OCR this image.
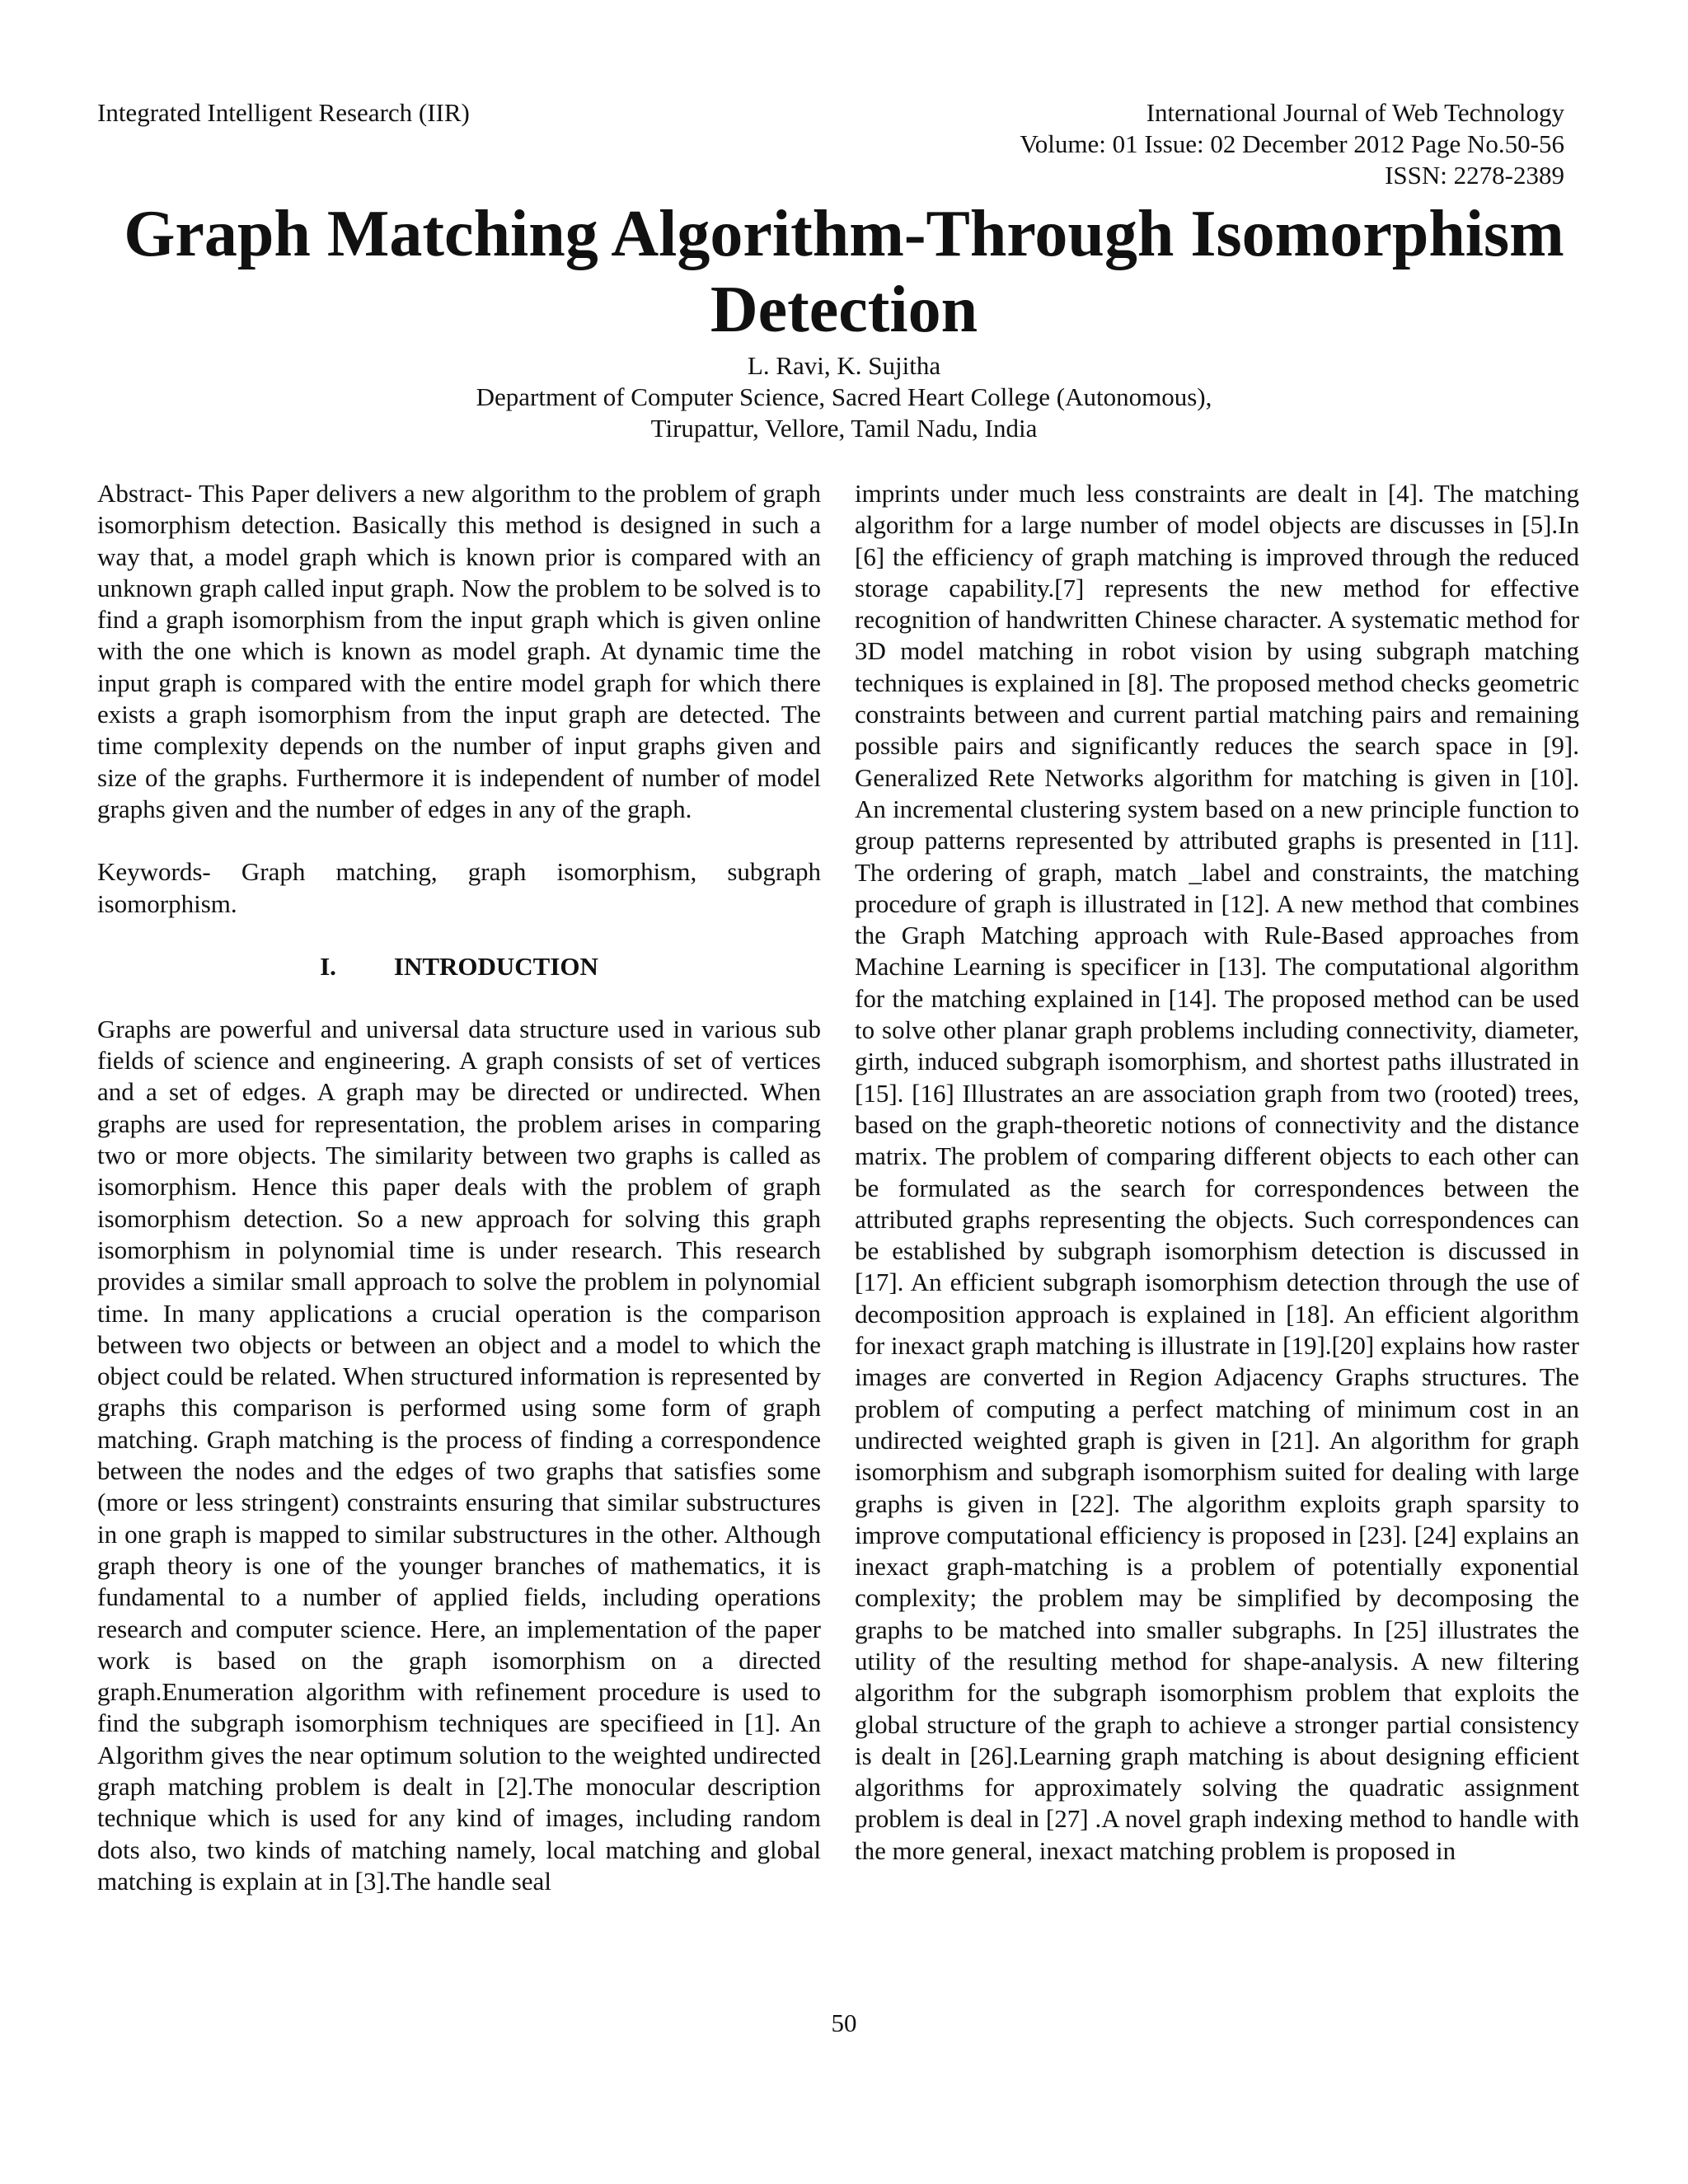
Integrated Intelligent Research (IIR)	International Journal of Web Technology
Volume: 01 Issue: 02 December 2012 Page No.50-56
ISSN: 2278-2389
Graph Matching Algorithm-Through Isomorphism
Detection
L. Ravi, K. Sujitha
Department of Computer Science, Sacred Heart College (Autonomous),
Tirupattur, Vellore, Tamil Nadu, India

Abstract- This Paper delivers a new algorithm to the problem of graph isomorphism detection. Basically this method is designed in such a way that, a model graph which is known prior is compared with an unknown graph called input graph. Now the problem to be solved is to find a graph isomorphism from the input graph which is given online with the one which is known as model graph. At dynamic time the input graph is compared with the entire model graph for which there exists a graph isomorphism from the input graph are detected. The time complexity depends on the number of input graphs given and size of the graphs. Furthermore it is independent of number of model graphs given and the number of edges in any of the graph.

Keywords- Graph matching, graph isomorphism, subgraph isomorphism.

I. INTRODUCTION

Graphs are powerful and universal data structure used in various sub fields of science and engineering. A graph consists of set of vertices and a set of edges. A graph may be directed or undirected. When graphs are used for representation, the problem arises in comparing two or more objects. The similarity between two graphs is called as isomorphism. Hence this paper deals with the problem of graph isomorphism detection. So a new approach for solving this graph isomorphism in polynomial time is under research. This research provides a similar small approach to solve the problem in polynomial time. In many applications a crucial operation is the comparison between two objects or between an object and a model to which the object could be related. When structured information is represented by graphs this comparison is performed using some form of graph matching. Graph matching is the process of finding a correspondence between the nodes and the edges of two graphs that satisfies some (more or less stringent) constraints ensuring that similar substructures in one graph is mapped to similar substructures in the other. Although graph theory is one of the younger branches of mathematics, it is fundamental to a number of applied fields, including operations research and computer science. Here, an implementation of the paper work is based on the graph isomorphism on a directed graph.Enumeration algorithm with refinement procedure is used to find the subgraph isomorphism techniques are specifieed in [1]. An Algorithm gives the near optimum solution to the weighted undirected graph matching problem is dealt in [2].The monocular description technique which is used for any kind of images, including random dots also, two kinds of matching namely, local matching and global matching is explain at in [3].The handle seal

imprints under much less constraints are dealt in [4]. The matching algorithm for a large number of model objects are discusses in [5].In [6] the efficiency of graph matching is improved through the reduced storage capability.[7] represents the new method for effective recognition of handwritten Chinese character. A systematic method for 3D model matching in robot vision by using subgraph matching techniques is explained in [8]. The proposed method checks geometric constraints between and current partial matching pairs and remaining possible pairs and significantly reduces the search space in [9]. Generalized Rete Networks algorithm for matching is given in [10]. An incremental clustering system based on a new principle function to group patterns represented by attributed graphs is presented in [11]. The ordering of graph, match _label and constraints, the matching procedure of graph is illustrated in [12]. A new method that combines the Graph Matching approach with Rule-Based approaches from Machine Learning is specificer in [13]. The computational algorithm for the matching explained in [14]. The proposed method can be used to solve other planar graph problems including connectivity, diameter, girth, induced subgraph isomorphism, and shortest paths illustrated in [15]. [16] Illustrates an are association graph from two (rooted) trees, based on the graph-theoretic notions of connectivity and the distance matrix. The problem of comparing different objects to each other can be formulated as the search for correspondences between the attributed graphs representing the objects. Such correspondences can be established by subgraph isomorphism detection is discussed in [17]. An efficient subgraph isomorphism detection through the use of decomposition approach is explained in [18]. An efficient algorithm for inexact graph matching is illustrate in [19].[20] explains how raster images are converted in Region Adjacency Graphs structures. The problem of computing a perfect matching of minimum cost in an undirected weighted graph is given in [21]. An algorithm for graph isomorphism and subgraph isomorphism suited for dealing with large graphs is given in [22]. The algorithm exploits graph sparsity to improve computational efficiency is proposed in [23]. [24] explains an inexact graph-matching is a problem of potentially exponential complexity; the problem may be simplified by decomposing the graphs to be matched into smaller subgraphs. In [25] illustrates the utility of the resulting method for shape-analysis. A new filtering algorithm for the subgraph isomorphism problem that exploits the global structure of the graph to achieve a stronger partial consistency is dealt in [26].Learning graph matching is about designing efficient algorithms for approximately solving the quadratic assignment problem is deal in [27] .A novel graph indexing method to handle with the more general, inexact matching problem is proposed in

50
